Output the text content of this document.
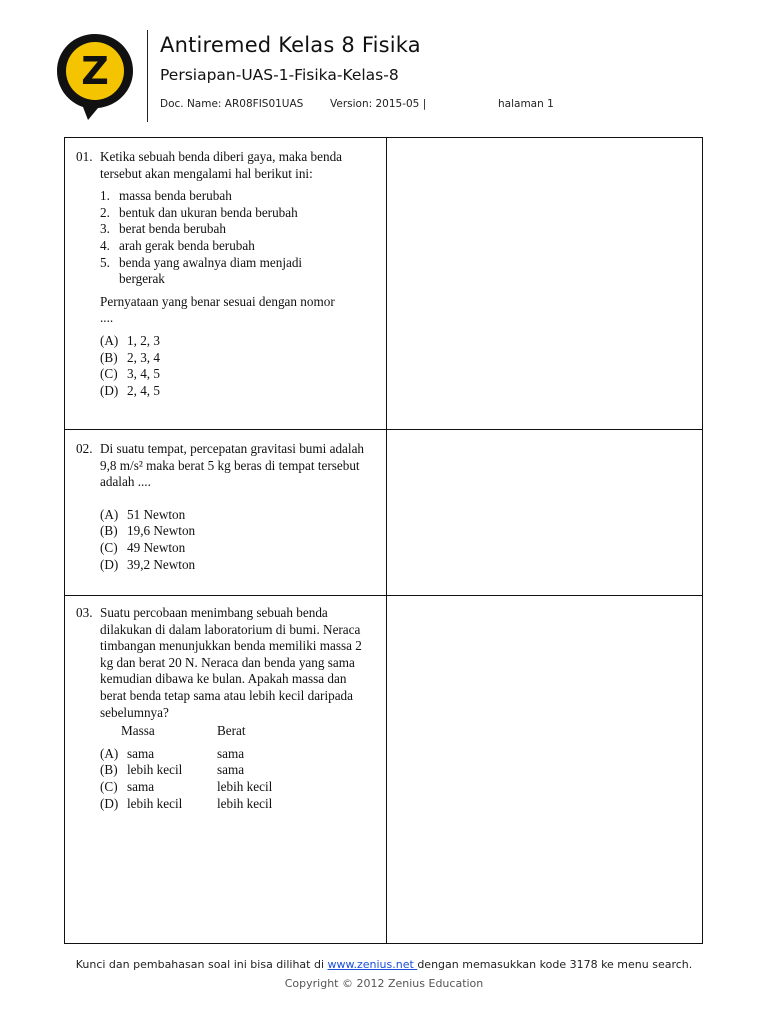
Z
Antiremed Kelas 8 Fisika
Persiapan-UAS-1-Fisika-Kelas-8
Doc. Name: AR08FIS01UAS	Version: 2015-05 |	halaman 1
01. Ketika sebuah benda diberi gaya, maka benda tersebut akan mengalami hal berikut ini:
1. massa benda berubah
2. bentuk dan ukuran benda berubah
3. berat benda berubah
4. arah gerak benda berubah
5. benda yang awalnya diam menjadi bergerak
Pernyataan yang benar sesuai dengan nomor ....
(A) 1, 2, 3
(B) 2, 3, 4
(C) 3, 4, 5
(D) 2, 4, 5
02. Di suatu tempat, percepatan gravitasi bumi adalah 9,8 m/s² maka berat 5 kg beras di tempat tersebut adalah ....
(A) 51 Newton
(B) 19,6 Newton
(C) 49 Newton
(D) 39,2 Newton
03. Suatu percobaan menimbang sebuah benda dilakukan di dalam laboratorium di bumi. Neraca timbangan menunjukkan benda memiliki massa 2 kg dan berat 20 N. Neraca dan benda yang sama kemudian dibawa ke bulan. Apakah massa dan berat benda tetap sama atau lebih kecil daripada sebelumnya?
Massa	Berat
(A) sama	sama
(B) lebih kecil	sama
(C) sama	lebih kecil
(D) lebih kecil	lebih kecil
Kunci dan pembahasan soal ini bisa dilihat di www.zenius.net dengan memasukkan kode 3178 ke menu search.
Copyright © 2012 Zenius Education
